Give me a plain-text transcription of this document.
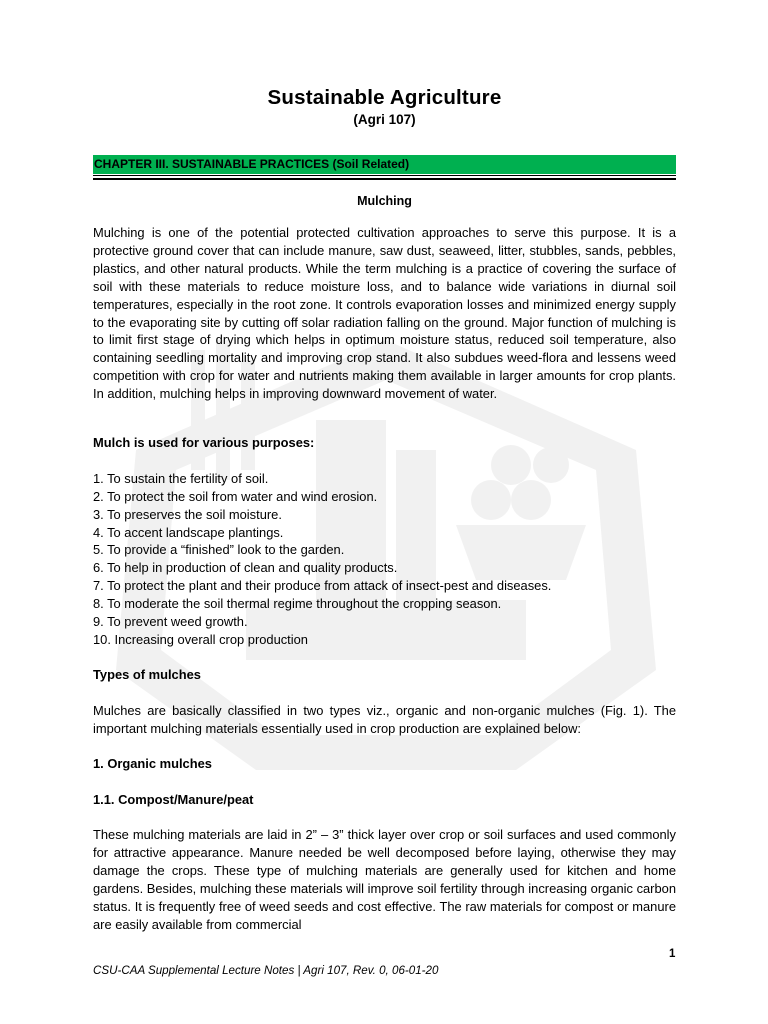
Sustainable Agriculture
(Agri 107)
CHAPTER III. SUSTAINABLE PRACTICES (Soil Related)
Mulching

Mulching is one of the potential protected cultivation approaches to serve this purpose. It is a protective ground cover that can include manure, saw dust, seaweed, litter, stubbles, sands, pebbles, plastics, and other natural products. While the term mulching is a practice of covering the surface of soil with these materials to reduce moisture loss, and to balance wide variations in diurnal soil temperatures, especially in the root zone. It controls evaporation losses and minimized energy supply to the evaporating site by cutting off solar radiation falling on the ground. Major function of mulching is to limit first stage of drying which helps in optimum moisture status, reduced soil temperature, also containing seedling mortality and improving crop stand. It also subdues weed-flora and lessens weed competition with crop for water and nutrients making them available in larger amounts for crop plants. In addition, mulching helps in improving downward movement of water.

Mulch is used for various purposes:

1. To sustain the fertility of soil.
2. To protect the soil from water and wind erosion.
3. To preserves the soil moisture.
4. To accent landscape plantings.
5. To provide a “finished” look to the garden.
6. To help in production of clean and quality products.
7. To protect the plant and their produce from attack of insect-pest and diseases.
8. To moderate the soil thermal regime throughout the cropping season.
9. To prevent weed growth.
10. Increasing overall crop production

Types of mulches

Mulches are basically classified in two types viz., organic and non-organic mulches (Fig. 1). The important mulching materials essentially used in crop production are explained below:

1. Organic mulches

1.1. Compost/Manure/peat

These mulching materials are laid in 2” – 3” thick layer over crop or soil surfaces and used commonly for attractive appearance. Manure needed be well decomposed before laying, otherwise they may damage the crops. These type of mulching materials are generally used for kitchen and home gardens. Besides, mulching these materials will improve soil fertility through increasing organic carbon status. It is frequently free of weed seeds and cost effective. The raw materials for compost or manure are easily available from commercial

1
CSU-CAA Supplemental Lecture Notes | Agri 107, Rev. 0, 06-01-20
